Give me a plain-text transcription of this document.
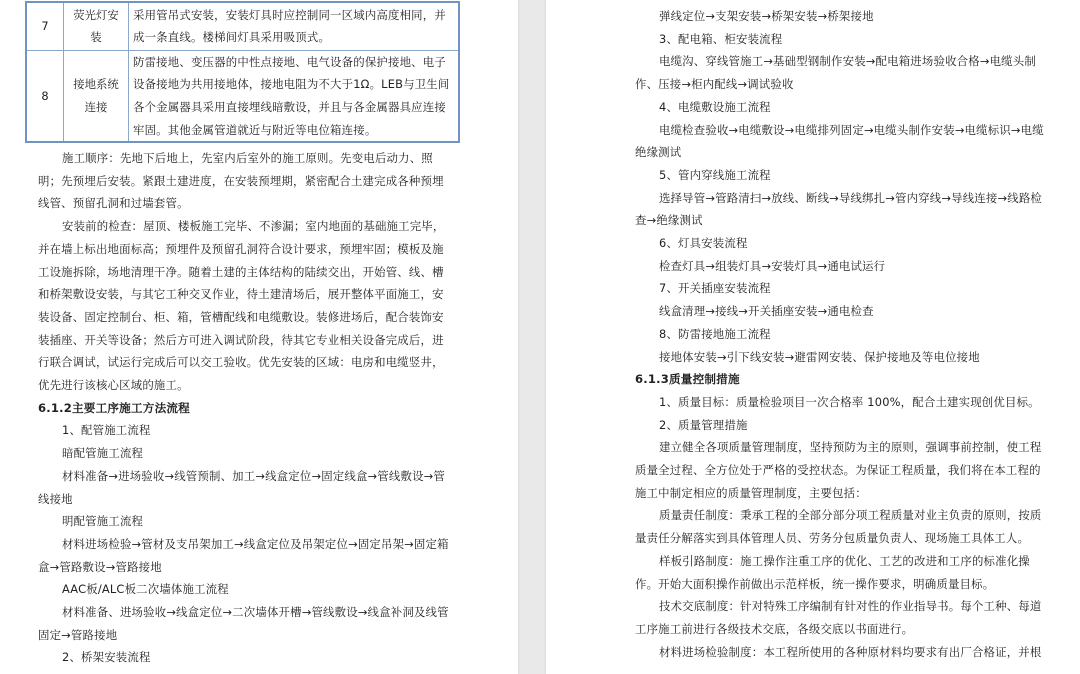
7	荧光灯安装	采用管吊式安装，安装灯具时应控制同一区域内高度相同，并成一条直线。楼梯间灯具采用吸顶式。
8	接地系统连接	防雷接地、变压器的中性点接地、电气设备的保护接地、电子设备接地为共用接地体，接地电阻为不大于1Ω。LEB与卫生间各个金属器具采用直接埋线暗敷设，并且与各金属器具应连接牢固。其他金属管道就近与附近等电位箱连接。

施工顺序：先地下后地上，先室内后室外的施工原则。先变电后动力、照明；先预埋后安装。紧跟土建进度，在安装预埋期，紧密配合土建完成各种预埋线管、预留孔洞和过墙套管。

安装前的检查：屋顶、楼板施工完毕、不渗漏；室内地面的基础施工完毕，并在墙上标出地面标高；预埋件及预留孔洞符合设计要求，预埋牢固；模板及施工设施拆除，场地清理干净。随着土建的主体结构的陆续交出，开始管、线、槽和桥架敷设安装，与其它工种交叉作业，待土建清场后，展开整体平面施工，安装设备、固定控制台、柜、箱，管槽配线和电缆敷设。装修进场后，配合装饰安装插座、开关等设备；然后方可进入调试阶段，待其它专业相关设备完成后，进行联合调试，试运行完成后可以交工验收。优先安装的区域：电房和电缆竖井，优先进行该核心区域的施工。

6.1.2主要工序施工方法流程

1、配管施工流程

暗配管施工流程

材料准备→进场验收→线管预制、加工→线盒定位→固定线盒→管线敷设→管线接地

明配管施工流程

材料进场检验→管材及支吊架加工→线盒定位及吊架定位→固定吊架→固定箱盒→管路敷设→管路接地

AAC板/ALC板二次墙体施工流程

材料准备、进场验收→线盒定位→二次墙体开槽→管线敷设→线盒补洞及线管固定→管路接地

2、桥架安装流程

弹线定位→支架安装→桥架安装→桥架接地

3、配电箱、柜安装流程

电缆沟、穿线管施工→基础型钢制作安装→配电箱进场验收合格→电缆头制作、压接→柜内配线→调试验收

4、电缆敷设施工流程

电缆检查验收→电缆敷设→电缆排列固定→电缆头制作安装→电缆标识→电缆绝缘测试

5、管内穿线施工流程

选择导管→管路清扫→放线、断线→导线绑扎→管内穿线→导线连接→线路检查→绝缘测试

6、灯具安装流程

检查灯具→组装灯具→安装灯具→通电试运行

7、开关插座安装流程

线盒清理→接线→开关插座安装→通电检查

8、防雷接地施工流程

接地体安装→引下线安装→避雷网安装、保护接地及等电位接地

6.1.3质量控制措施

1、质量目标：质量检验项目一次合格率 100%，配合土建实现创优目标。

2、质量管理措施

建立健全各项质量管理制度，坚持预防为主的原则，强调事前控制，使工程质量全过程、全方位处于严格的受控状态。为保证工程质量，我们将在本工程的施工中制定相应的质量管理制度，主要包括：

质量责任制度：秉承工程的全部分部分项工程质量对业主负责的原则，按质量责任分解落实到具体管理人员、劳务分包质量负责人、现场施工具体工人。

样板引路制度：施工操作注重工序的优化、工艺的改进和工序的标准化操作。开始大面积操作前做出示范样板，统一操作要求，明确质量目标。

技术交底制度：针对特殊工序编制有针对性的作业指导书。每个工种、每道工序施工前进行各级技术交底，各级交底以书面进行。

材料进场检验制度：本工程所使用的各种原材料均要求有出厂合格证，并根
